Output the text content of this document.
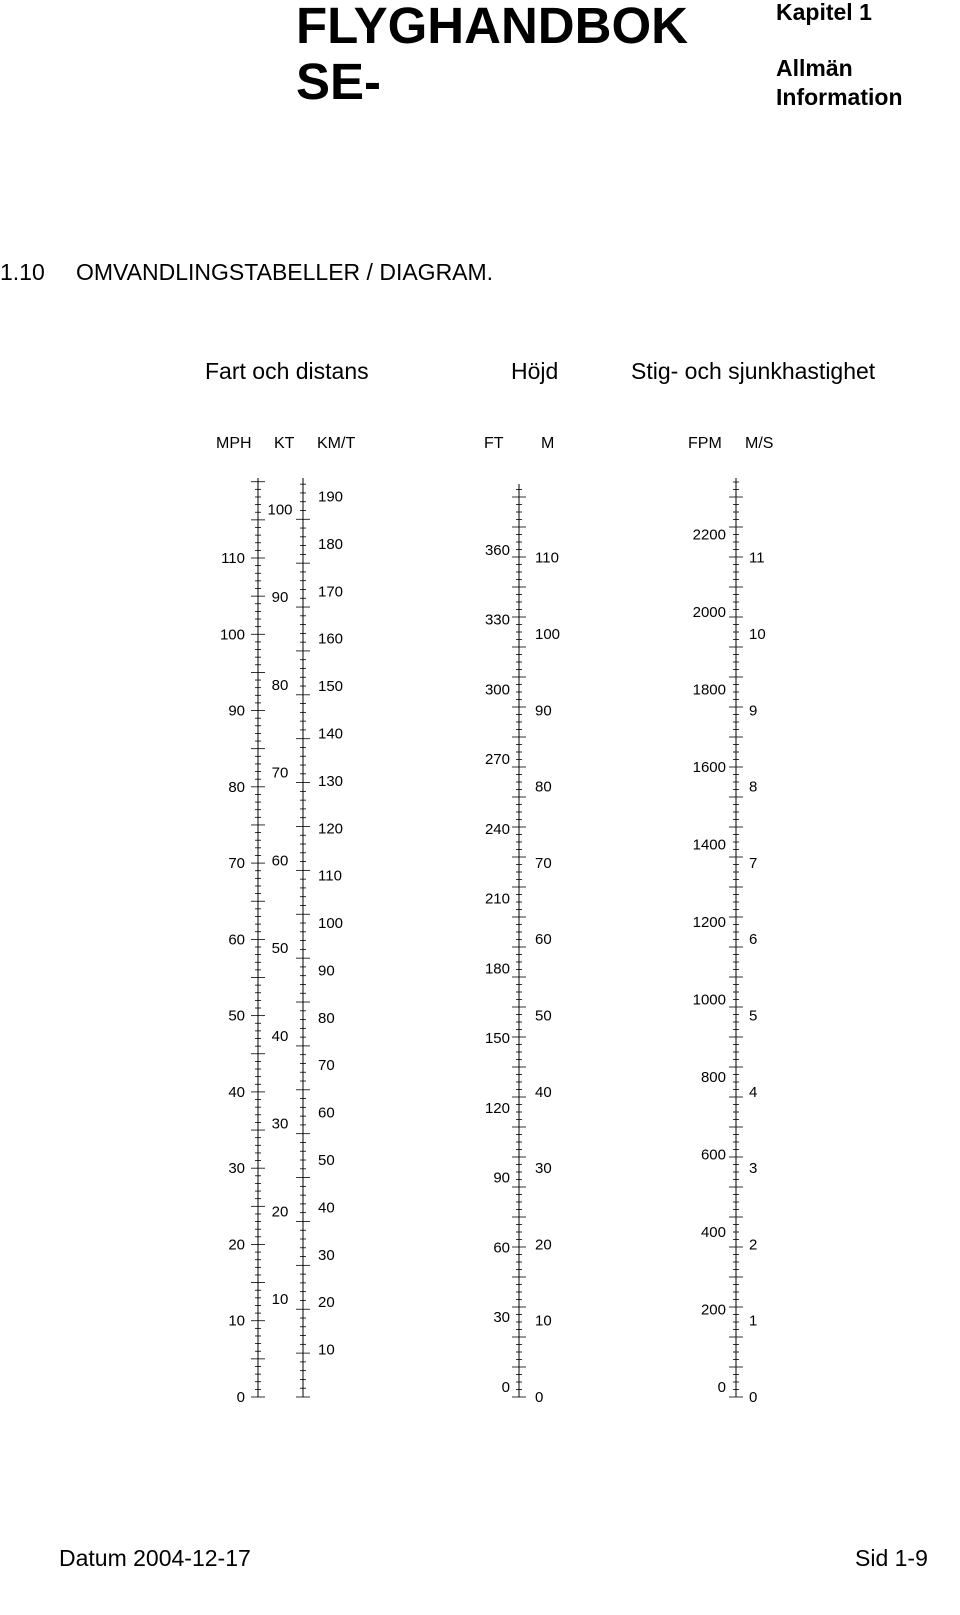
FLYGHANDBOK
SE-
Kapitel 1
Allmän Information
1.10 OMVANDLINGSTABELLER / DIAGRAM.
Fart och distans	Höjd	Stig- och sjunkhastighet
MPH KT KM/T	FT M	FPM M/S
0
10
20
30
40
50
60
70
80
90
100
110
10
20
30
40
50
60
70
80
90
100
10
20
30
40
50
60
70
80
90
100
110
120
130
140
150
160
170
180
190
0
30
60
90
120
150
180
210
240
270
300
330
360
0
10
20
30
40
50
60
70
80
90
100
110
0
200
400
600
800
1000
1200
1400
1600
1800
2000
2200
0
1
2
3
4
5
6
7
8
9
10
11
Datum 2004-12-17	Sid 1-9
